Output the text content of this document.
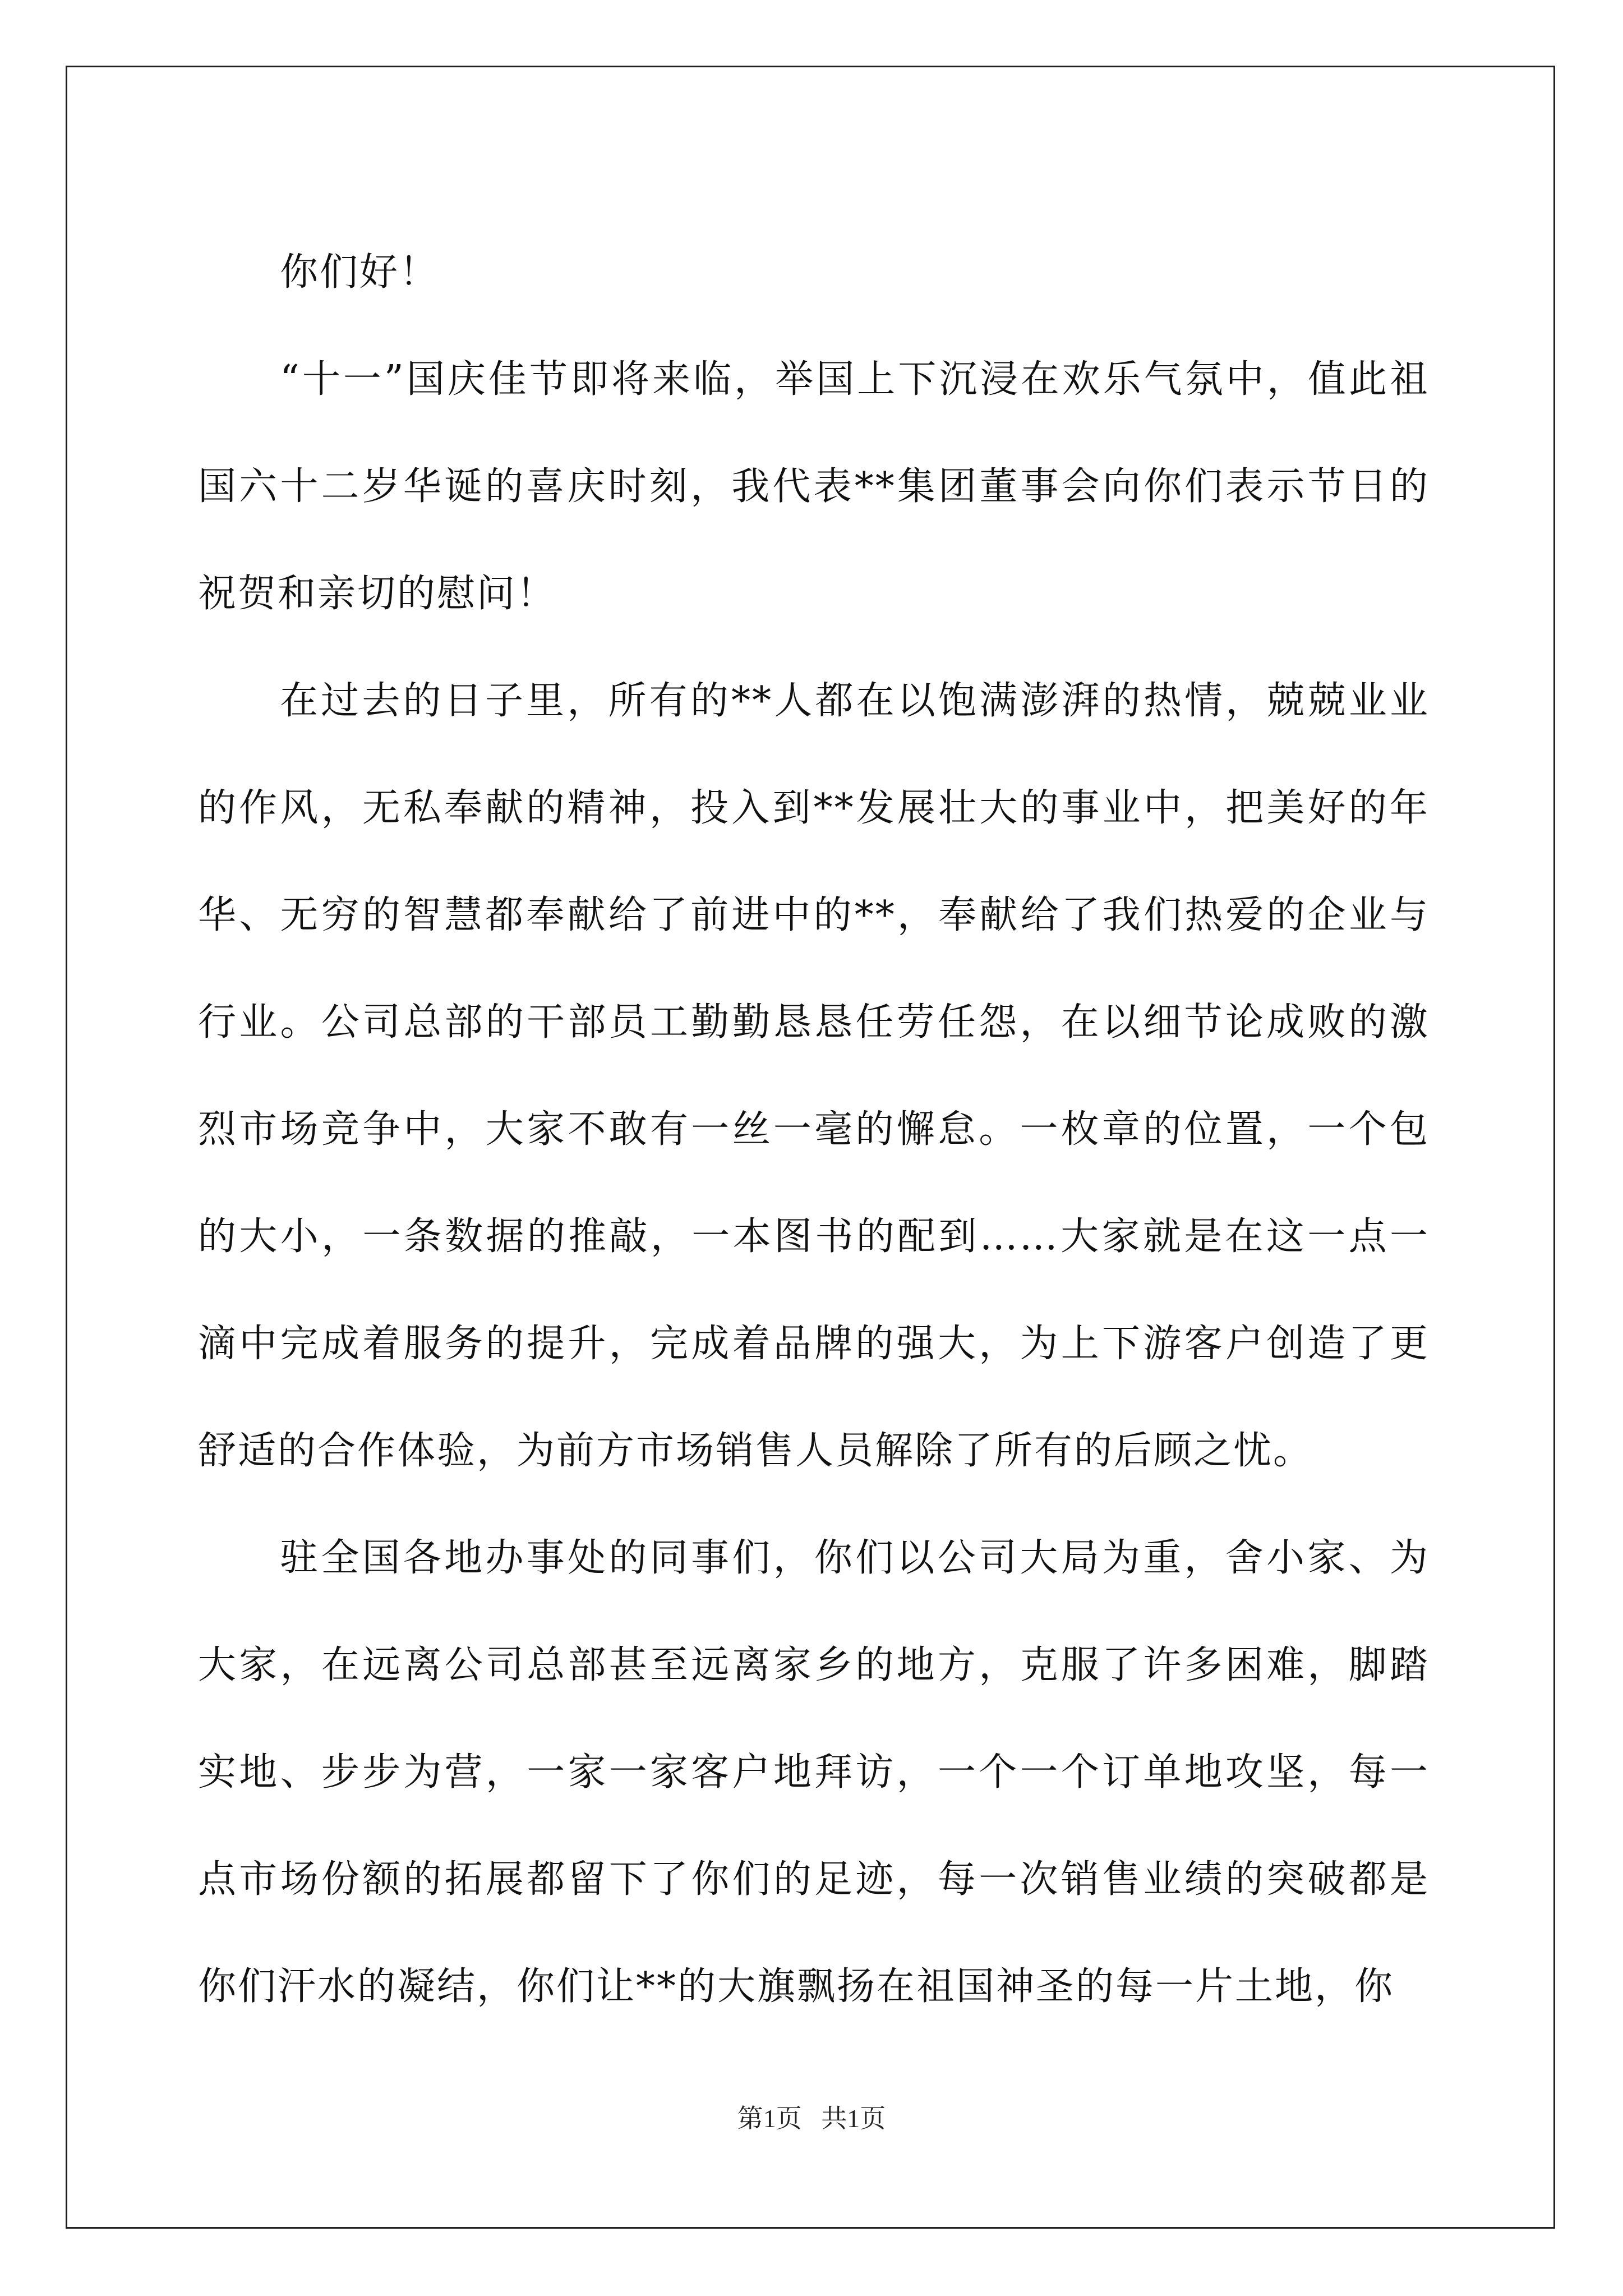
你们好！

“十一”国庆佳节即将来临，举国上下沉浸在欢乐气氛中，值此祖国六十二岁华诞的喜庆时刻，我代表**集团董事会向你们表示节日的祝贺和亲切的慰问！

在过去的日子里，所有的**人都在以饱满澎湃的热情，兢兢业业的作风，无私奉献的精神，投入到**发展壮大的事业中，把美好的年华、无穷的智慧都奉献给了前进中的**，奉献给了我们热爱的企业与行业。公司总部的干部员工勤勤恳恳任劳任怨，在以细节论成败的激烈市场竞争中，大家不敢有一丝一毫的懈怠。一枚章的位置，一个包的大小，一条数据的推敲，一本图书的配到……大家就是在这一点一滴中完成着服务的提升，完成着品牌的强大，为上下游客户创造了更舒适的合作体验，为前方市场销售人员解除了所有的后顾之忧。

驻全国各地办事处的同事们，你们以公司大局为重，舍小家、为大家，在远离公司总部甚至远离家乡的地方，克服了许多困难，脚踏实地、步步为营，一家一家客户地拜访，一个一个订单地攻坚，每一点市场份额的拓展都留下了你们的足迹，每一次销售业绩的突破都是你们汗水的凝结，你们让**的大旗飘扬在祖国神圣的每一片土地，你

第1页   共1页
